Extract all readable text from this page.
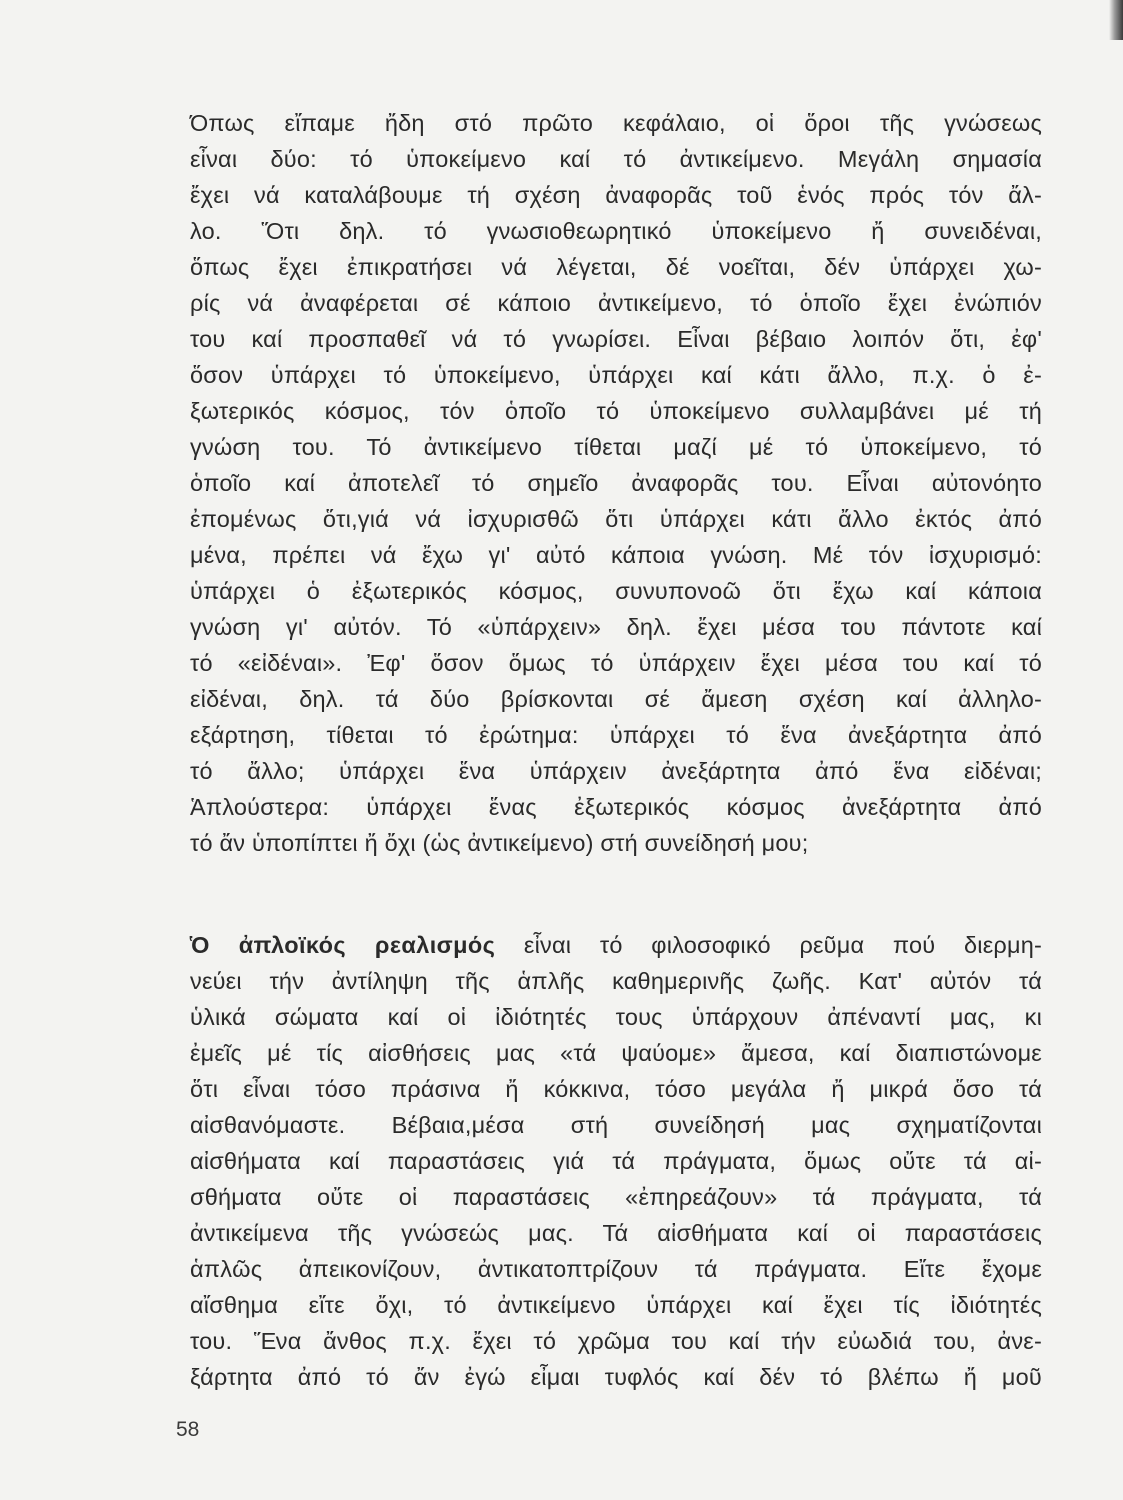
Όπως εἴπαμε ἤδη στό πρῶτο κεφάλαιο, οἱ ὅροι τῆς γνώσεως
εἶναι δύο: τό ὑποκείμενο καί τό ἀντικείμενο. Μεγάλη σημασία
ἔχει νά καταλάβουμε τή σχέση ἀναφορᾶς τοῦ ἑνός πρός τόν ἄλ-
λο. Ὅτι δηλ. τό γνωσιοθεωρητικό ὑποκείμενο ἤ συνειδέναι,
ὅπως ἔχει ἐπικρατήσει νά λέγεται, δέ νοεῖται, δέν ὑπάρχει χω-
ρίς νά ἀναφέρεται σέ κάποιο ἀντικείμενο, τό ὁποῖο ἔχει ἐνώπιόν
του καί προσπαθεῖ νά τό γνωρίσει. Εἶναι βέβαιο λοιπόν ὅτι, ἐφ'
ὅσον ὑπάρχει τό ὑποκείμενο, ὑπάρχει καί κάτι ἄλλο, π.χ. ὁ ἐ-
ξωτερικός κόσμος, τόν ὁποῖο τό ὑποκείμενο συλλαμβάνει μέ τή
γνώση του. Τό ἀντικείμενο τίθεται μαζί μέ τό ὑποκείμενο, τό
ὁποῖο καί ἀποτελεῖ τό σημεῖο ἀναφορᾶς του. Εἶναι αὐτονόητο
ἐπομένως ὅτι,γιά νά ἰσχυρισθῶ ὅτι ὑπάρχει κάτι ἄλλο ἐκτός ἀπό
μένα, πρέπει νά ἔχω γι' αὐτό κάποια γνώση. Μέ τόν ἰσχυρισμό:
ὑπάρχει ὁ ἐξωτερικός κόσμος, συνυπονοῶ ὅτι ἔχω καί κάποια
γνώση γι' αὐτόν. Τό «ὑπάρχειν» δηλ. ἔχει μέσα του πάντοτε καί
τό «εἰδέναι». Ἐφ' ὅσον ὅμως τό ὑπάρχειν ἔχει μέσα του καί τό
εἰδέναι, δηλ. τά δύο βρίσκονται σέ ἄμεση σχέση καί ἀλληλο-
εξάρτηση, τίθεται τό ἐρώτημα: ὑπάρχει τό ἕνα ἀνεξάρτητα ἀπό
τό ἄλλο; ὑπάρχει ἕνα ὑπάρχειν ἀνεξάρτητα ἀπό ἕνα εἰδέναι;
Ἁπλούστερα: ὑπάρχει ἕνας ἐξωτερικός κόσμος ἀνεξάρτητα ἀπό
τό ἄν ὑποπίπτει ἤ ὄχι (ὡς ἀντικείμενο) στή συνείδησή μου;
Ὁ ἀπλοϊκός ρεαλισμός εἶναι τό φιλοσοφικό ρεῦμα πού διερμη-
νεύει τήν ἀντίληψη τῆς ἁπλῆς καθημερινῆς ζωῆς. Κατ' αὐτόν τά
ὑλικά σώματα καί οἱ ἰδιότητές τους ὑπάρχουν ἀπέναντί μας, κι
ἐμεῖς μέ τίς αἰσθήσεις μας «τά ψαύομε» ἄμεσα, καί διαπιστώνομε
ὅτι εἶναι τόσο πράσινα ἤ κόκκινα, τόσο μεγάλα ἤ μικρά ὅσο τά
αἰσθανόμαστε. Βέβαια,μέσα στή συνείδησή μας σχηματίζονται
αἰσθήματα καί παραστάσεις γιά τά πράγματα, ὅμως οὔτε τά αἰ-
σθήματα οὔτε οἱ παραστάσεις «ἐπηρεάζουν» τά πράγματα, τά
ἀντικείμενα τῆς γνώσεώς μας. Τά αἰσθήματα καί οἱ παραστάσεις
ἁπλῶς ἀπεικονίζουν, ἀντικατοπτρίζουν τά πράγματα. Εἴτε ἔχομε
αἴσθημα εἴτε ὄχι, τό ἀντικείμενο ὑπάρχει καί ἔχει τίς ἰδιότητές
του. Ἕνα ἄνθος π.χ. ἔχει τό χρῶμα του καί τήν εὐωδιά του, ἀνε-
ξάρτητα ἀπό τό ἄν ἐγώ εἶμαι τυφλός καί δέν τό βλέπω ἤ μοῦ
58
